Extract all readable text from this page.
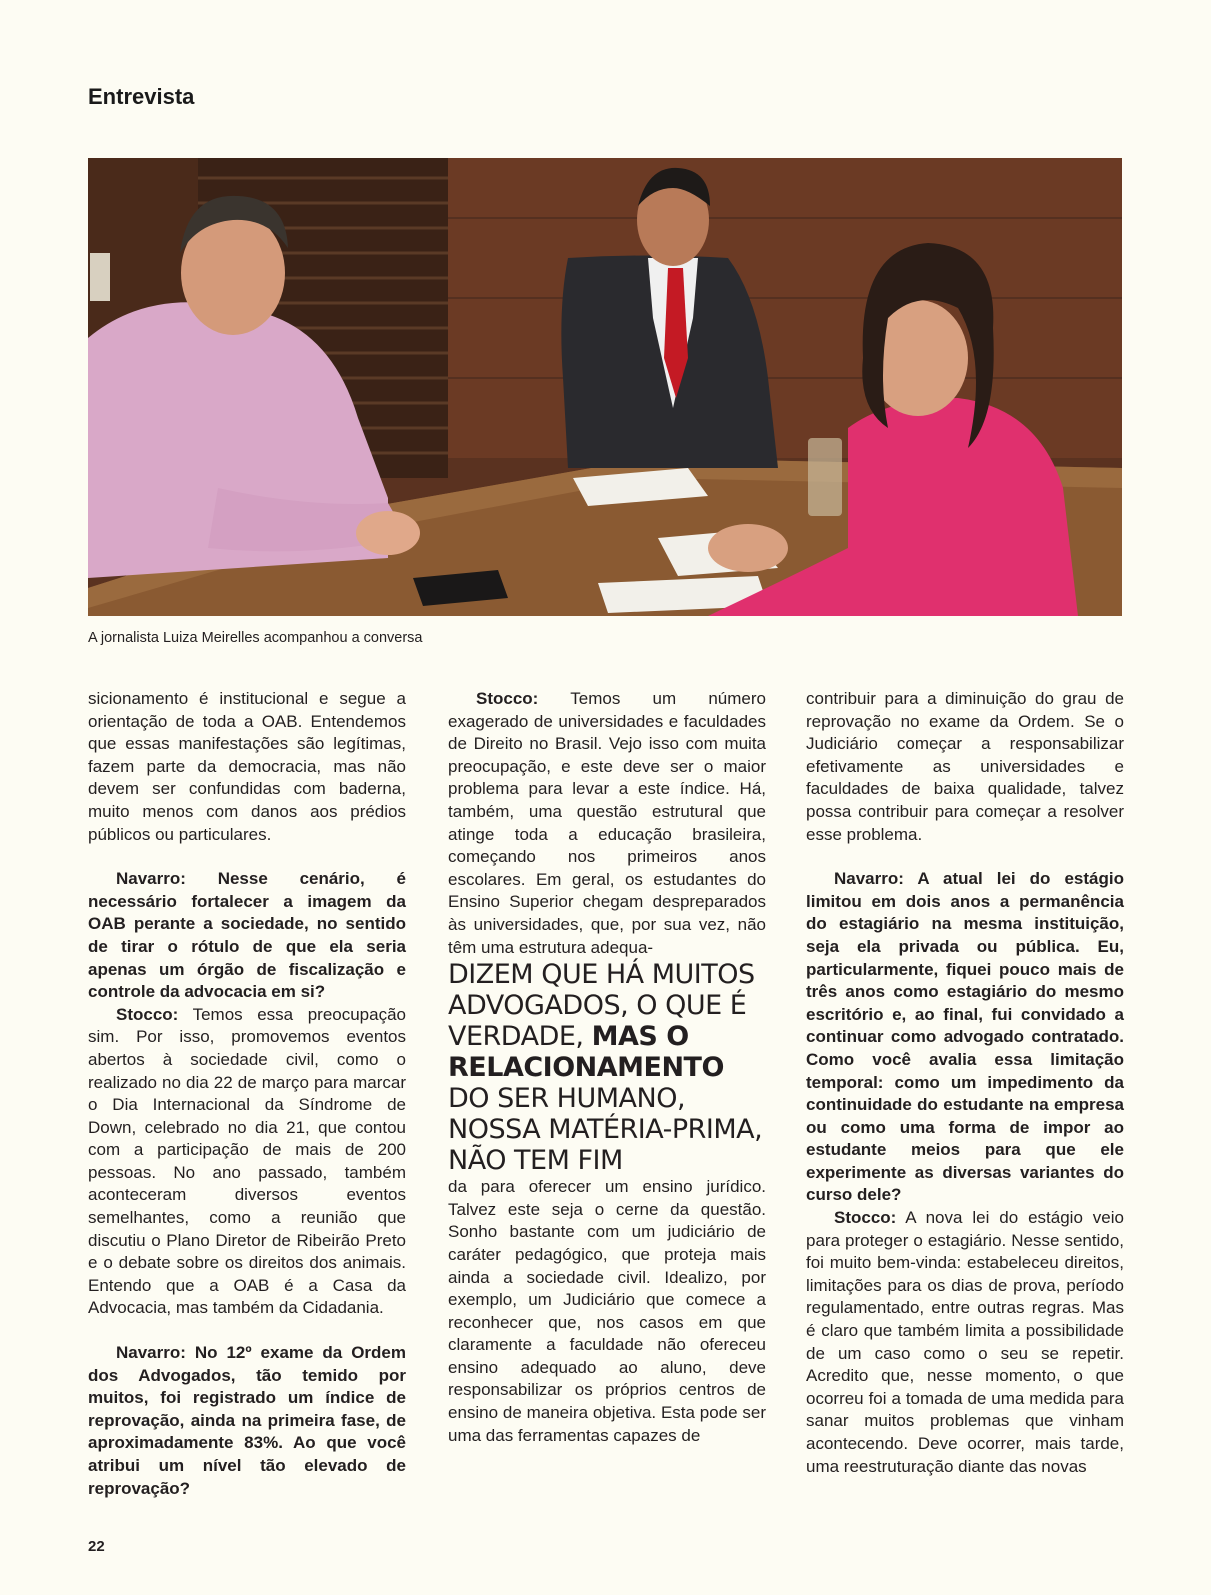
Entrevista
A jornalista Luiza Meirelles acompanhou a conversa

sicionamento é institucional e segue a orientação de toda a OAB. Entendemos que essas manifestações são legítimas, fazem parte da democracia, mas não devem ser confundidas com baderna, muito menos com danos aos prédios públicos ou particulares.

Navarro: Nesse cenário, é necessário fortalecer a imagem da OAB perante a sociedade, no sentido de tirar o rótulo de que ela seria apenas um órgão de fiscalização e controle da advocacia em si?

Stocco: Temos essa preocupação sim. Por isso, promovemos eventos abertos à sociedade civil, como o realizado no dia 22 de março para marcar o Dia Internacional da Síndrome de Down, celebrado no dia 21, que contou com a participação de mais de 200 pessoas. No ano passado, também aconteceram diversos eventos semelhantes, como a reunião que discutiu o Plano Diretor de Ribeirão Preto e o debate sobre os direitos dos animais. Entendo que a OAB é a Casa da Advocacia, mas também da Cidadania.

Navarro: No 12º exame da Ordem dos Advogados, tão temido por muitos, foi registrado um índice de reprovação, ainda na primeira fase, de aproximadamente 83%. Ao que você atribui um nível tão elevado de reprovação?

Stocco: Temos um número exagerado de universidades e faculdades de Direito no Brasil. Vejo isso com muita preocupação, e este deve ser o maior problema para levar a este índice. Há, também, uma questão estrutural que atinge toda a educação brasileira, começando nos primeiros anos escolares. Em geral, os estudantes do Ensino Superior chegam despreparados às universidades, que, por sua vez, não têm uma estrutura adequa-

DIZEM QUE HÁ MUITOS ADVOGADOS, O QUE É VERDADE, MAS O RELACIONAMENTO DO SER HUMANO, NOSSA MATÉRIA-PRIMA, NÃO TEM FIM

da para oferecer um ensino jurídico. Talvez este seja o cerne da questão. Sonho bastante com um judiciário de caráter pedagógico, que proteja mais ainda a sociedade civil. Idealizo, por exemplo, um Judiciário que comece a reconhecer que, nos casos em que claramente a faculdade não ofereceu ensino adequado ao aluno, deve responsabilizar os próprios centros de ensino de maneira objetiva. Esta pode ser uma das ferramentas capazes de

contribuir para a diminuição do grau de reprovação no exame da Ordem. Se o Judiciário começar a responsabilizar efetivamente as universidades e faculdades de baixa qualidade, talvez possa contribuir para começar a resolver esse problema.

Navarro: A atual lei do estágio limitou em dois anos a permanência do estagiário na mesma instituição, seja ela privada ou pública. Eu, particularmente, fiquei pouco mais de três anos como estagiário do mesmo escritório e, ao final, fui convidado a continuar como advogado contratado. Como você avalia essa limitação temporal: como um impedimento da continuidade do estudante na empresa ou como uma forma de impor ao estudante meios para que ele experimente as diversas variantes do curso dele?

Stocco: A nova lei do estágio veio para proteger o estagiário. Nesse sentido, foi muito bem-vinda: estabeleceu direitos, limitações para os dias de prova, período regulamentado, entre outras regras. Mas é claro que também limita a possibilidade de um caso como o seu se repetir. Acredito que, nesse momento, o que ocorreu foi a tomada de uma medida para sanar muitos problemas que vinham acontecendo. Deve ocorrer, mais tarde, uma reestruturação diante das novas

22
